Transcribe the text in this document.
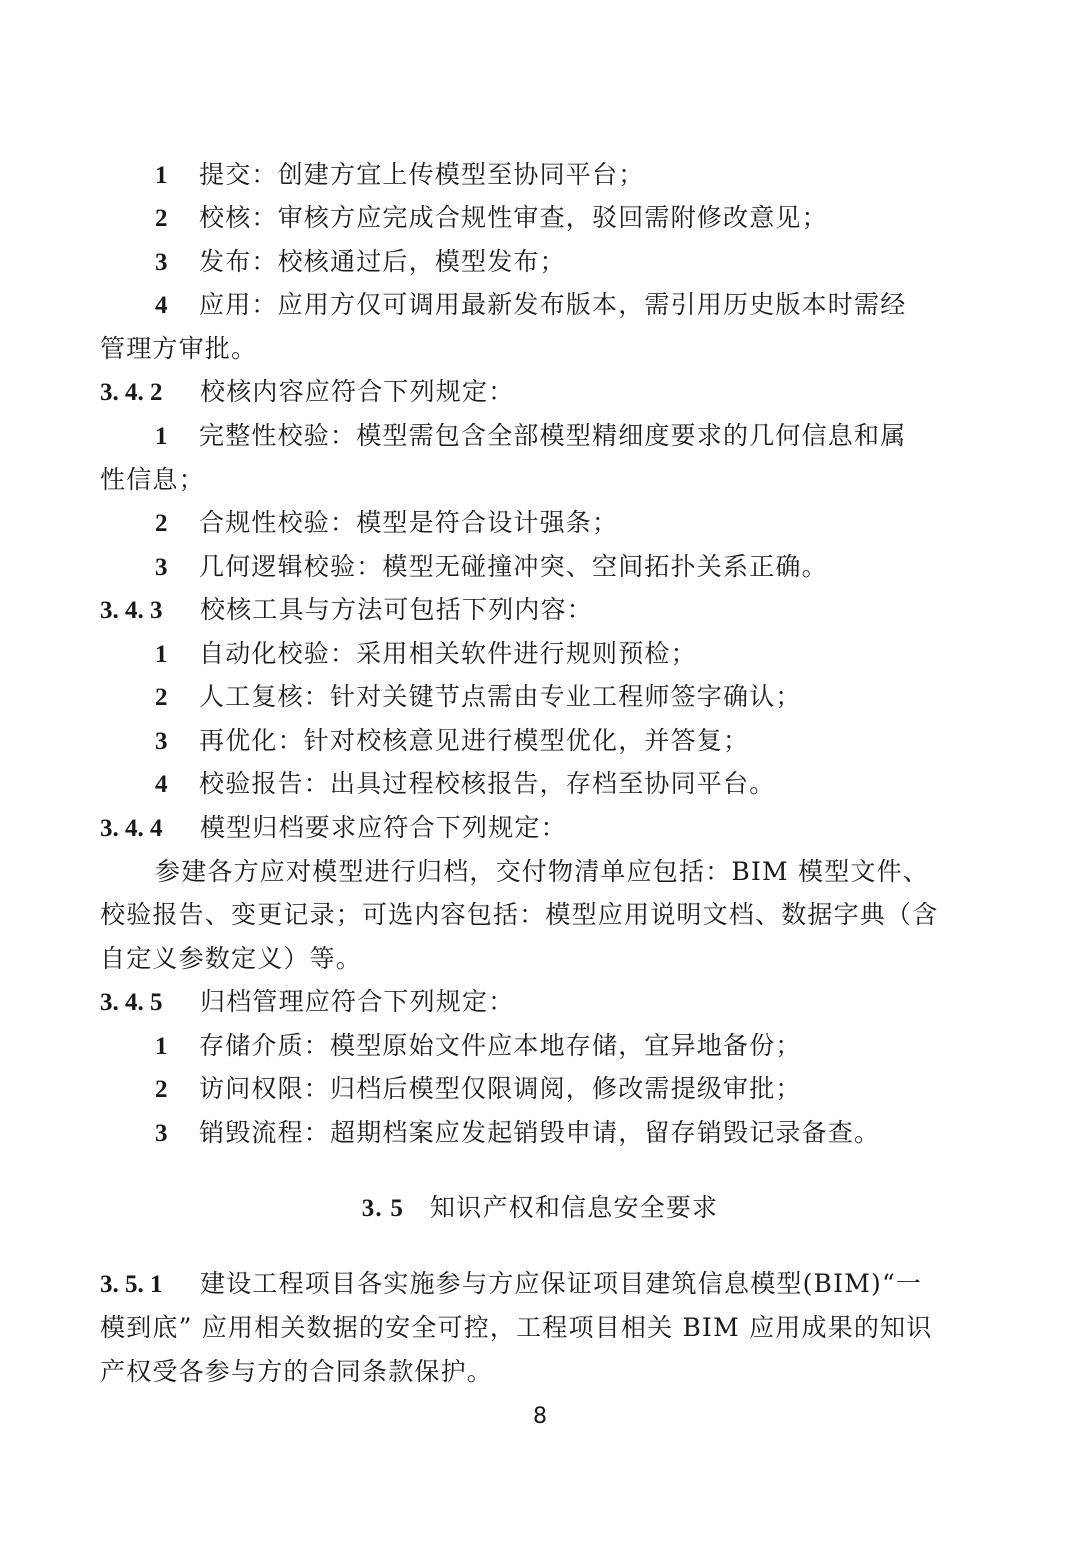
1 提交：创建方宜上传模型至协同平台；
2 校核：审核方应完成合规性审查，驳回需附修改意见；
3 发布：校核通过后，模型发布；
4 应用：应用方仅可调用最新发布版本，需引用历史版本时需经
管理方审批。
3. 4. 2 校核内容应符合下列规定：
1 完整性校验：模型需包含全部模型精细度要求的几何信息和属
性信息；
2 合规性校验：模型是符合设计强条；
3 几何逻辑校验：模型无碰撞冲突、空间拓扑关系正确。
3. 4. 3 校核工具与方法可包括下列内容：
1 自动化校验：采用相关软件进行规则预检；
2 人工复核：针对关键节点需由专业工程师签字确认；
3 再优化：针对校核意见进行模型优化，并答复；
4 校验报告：出具过程校核报告，存档至协同平台。
3. 4. 4 模型归档要求应符合下列规定：
参建各方应对模型进行归档，交付物清单应包括：BIM 模型文件、
校验报告、变更记录；可选内容包括：模型应用说明文档、数据字典（含
自定义参数定义）等。
3. 4. 5 归档管理应符合下列规定：
1 存储介质：模型原始文件应本地存储，宜异地备份；
2 访问权限：归档后模型仅限调阅，修改需提级审批；
3 销毁流程：超期档案应发起销毁申请，留存销毁记录备查。
3. 5 知识产权和信息安全要求
3. 5. 1 建设工程项目各实施参与方应保证项目建筑信息模型(BIM)“一
模到底” 应用相关数据的安全可控，工程项目相关 BIM 应用成果的知识
产权受各参与方的合同条款保护。
8
